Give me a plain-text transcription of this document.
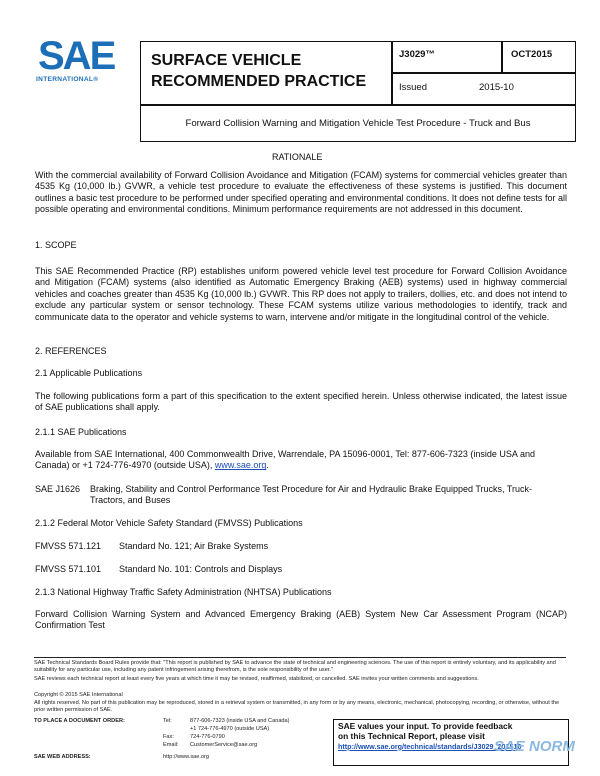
SAE
INTERNATIONAL®
SURFACE VEHICLE
RECOMMENDED PRACTICE
J3029™	OCT2015
Issued	2015-10
Forward Collision Warning and Mitigation Vehicle Test Procedure - Truck and Bus
RATIONALE

With the commercial availability of Forward Collision Avoidance and Mitigation (FCAM) systems for commercial vehicles greater than 4535 Kg (10,000 lb.) GVWR, a vehicle test procedure to evaluate the effectiveness of these systems is justified. This document outlines a basic test procedure to be performed under specified operating and environmental conditions. It does not define tests for all possible operating and environmental conditions. Minimum performance requirements are not addressed in this document.

1. SCOPE

This SAE Recommended Practice (RP) establishes uniform powered vehicle level test procedure for Forward Collision Avoidance and Mitigation (FCAM) systems (also identified as Automatic Emergency Braking (AEB) systems) used in highway commercial vehicles and coaches greater than 4535 Kg (10,000 lb.) GVWR. This RP does not apply to trailers, dollies, etc. and does not intend to exclude any particular system or sensor technology. These FCAM systems utilize various methodologies to identify, track and communicate data to the operator and vehicle systems to warn, intervene and/or mitigate in the longitudinal control of the vehicle.

2. REFERENCES
2.1 Applicable Publications

The following publications form a part of this specification to the extent specified herein. Unless otherwise indicated, the latest issue of SAE publications shall apply.

2.1.1 SAE Publications

Available from SAE International, 400 Commonwealth Drive, Warrendale, PA 15096-0001, Tel: 877-606-7323 (inside USA and Canada) or +1 724-776-4970 (outside USA), www.sae.org.

SAE J1626 Braking, Stability and Control Performance Test Procedure for Air and Hydraulic Brake Equipped Trucks, Truck-Tractors, and Buses

2.1.2 Federal Motor Vehicle Safety Standard (FMVSS) Publications
FMVSS 571.121 Standard No. 121; Air Brake Systems
FMVSS 571.101 Standard No. 101: Controls and Displays
2.1.3 National Highway Traffic Safety Administration (NHTSA) Publications

Forward Collision Warning System and Advanced Emergency Braking (AEB) System New Car Assessment Program (NCAP) Confirmation Test

SAE Technical Standards Board Rules provide that: "This report is published by SAE to advance the state of technical and engineering sciences. The use of this report is entirely voluntary, and its applicability and suitability for any particular use, including any patent infringement arising therefrom, is the sole responsibility of the user."

SAE reviews each technical report at least every five years at which time it may be revised, reaffirmed, stabilized, or cancelled. SAE invites your written comments and suggestions.

Copyright © 2015 SAE International

All rights reserved. No part of this publication may be reproduced, stored in a retrieval system or transmitted, in any form or by any means, electronic, mechanical, photocopying, recording, or otherwise, without the prior written permission of SAE.

TO PLACE A DOCUMENT ORDER:	Tel:	877-606-7323 (inside USA and Canada)
+1 724-776-4970 (outside USA)
Fax:	724-776-0790
Email: CustomerService@sae.org
SAE WEB ADDRESS:	http://www.sae.org
SAE values your input. To provide feedback
on this Technical Report, please visit
http://www.sae.org/technical/standards/J3029_201510
SAE NORM
